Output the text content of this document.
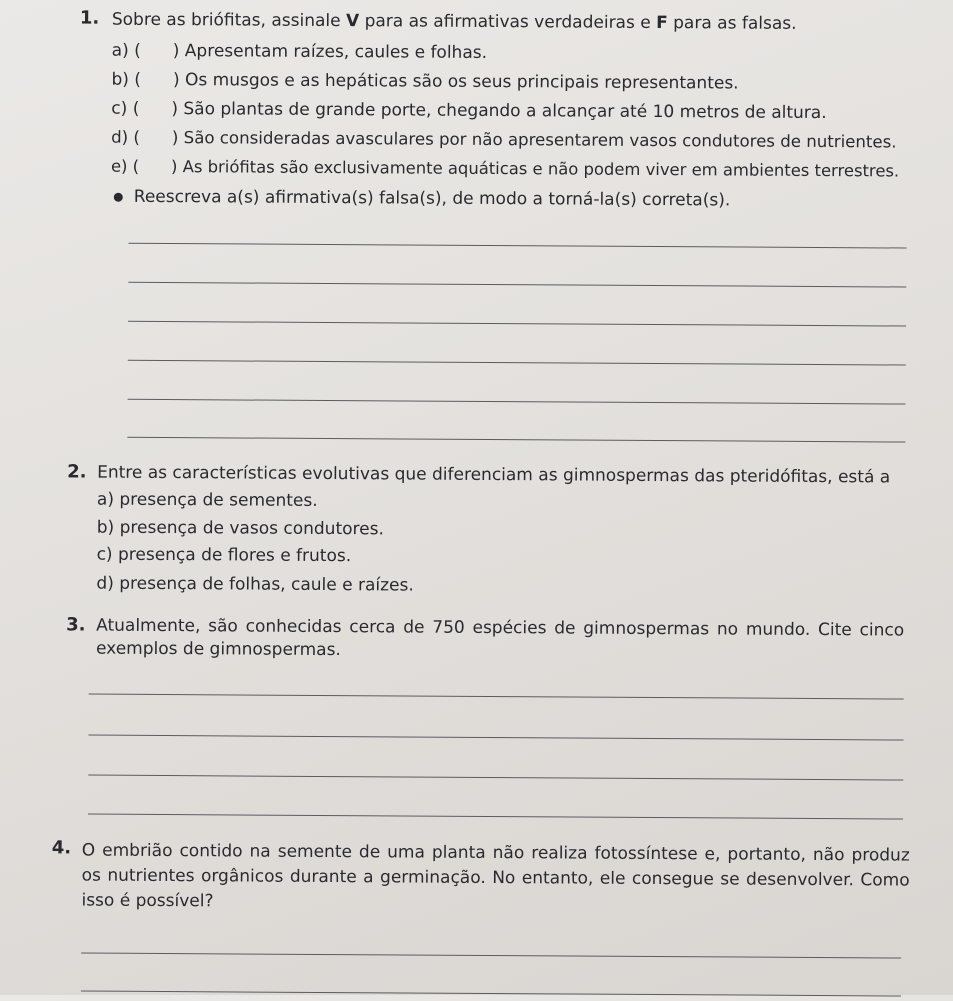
1. Sobre as briófitas, assinale V para as afirmativas verdadeiras e F para as falsas.
a) ( ) Apresentam raízes, caules e folhas.
b) ( ) Os musgos e as hepáticas são os seus principais representantes.
c) ( ) São plantas de grande porte, chegando a alcançar até 10 metros de altura.
d) ( ) São consideradas avasculares por não apresentarem vasos condutores de nutrientes.
e) ( ) As briófitas são exclusivamente aquáticas e não podem viver em ambientes terrestres.
Reescreva a(s) afirmativa(s) falsa(s), de modo a torná-la(s) correta(s).
2. Entre as características evolutivas que diferenciam as gimnospermas das pteridófitas, está a
a) presença de sementes.
b) presença de vasos condutores.
c) presença de flores e frutos.
d) presença de folhas, caule e raízes.
3. Atualmente, são conhecidas cerca de 750 espécies de gimnospermas no mundo. Cite cinco exemplos de gimnospermas.
4. O embrião contido na semente de uma planta não realiza fotossíntese e, portanto, não produz os nutrientes orgânicos durante a germinação. No entanto, ele consegue se desenvolver. Como isso é possível?
